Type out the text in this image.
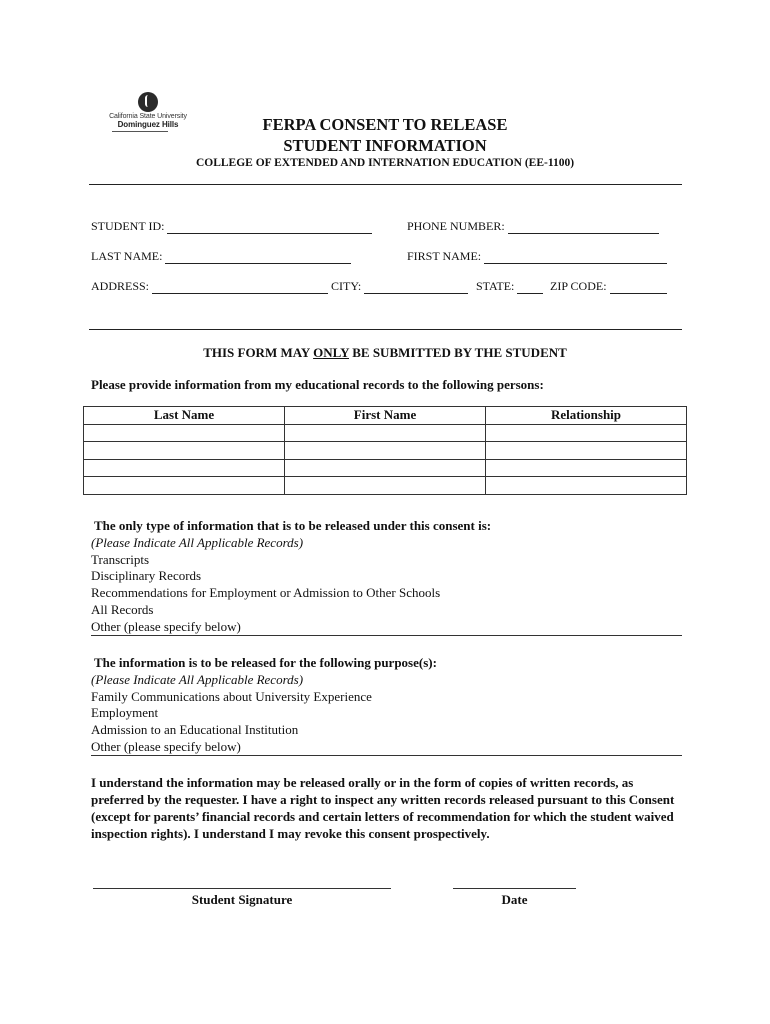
California State University
Dominguez Hills	FERPA CONSENT TO RELEASE
STUDENT INFORMATION
COLLEGE OF EXTENDED AND INTERNATION EDUCATION (EE-1100)
STUDENT ID:	PHONE NUMBER:
LAST NAME:	FIRST NAME:
ADDRESS:	CITY:	STATE:	ZIP CODE:
THIS FORM MAY ONLY BE SUBMITTED BY THE STUDENT
Please provide information from my educational records to the following persons:
Last Name	First Name	Relationship

The only type of information that is to be released under this consent is:
(Please Indicate All Applicable Records)
Transcripts
Disciplinary Records
Recommendations for Employment or Admission to Other Schools
All Records
Other (please specify below)
The information is to be released for the following purpose(s):
(Please Indicate All Applicable Records)
Family Communications about University Experience
Employment
Admission to an Educational Institution
Other (please specify below)
I understand the information may be released orally or in the form of copies of written records, as preferred by the requester. I have a right to inspect any written records released pursuant to this Consent (except for parents’ financial records and certain letters of recommendation for which the student waived inspection rights). I understand I may revoke this consent prospectively.
Student Signature	Date
